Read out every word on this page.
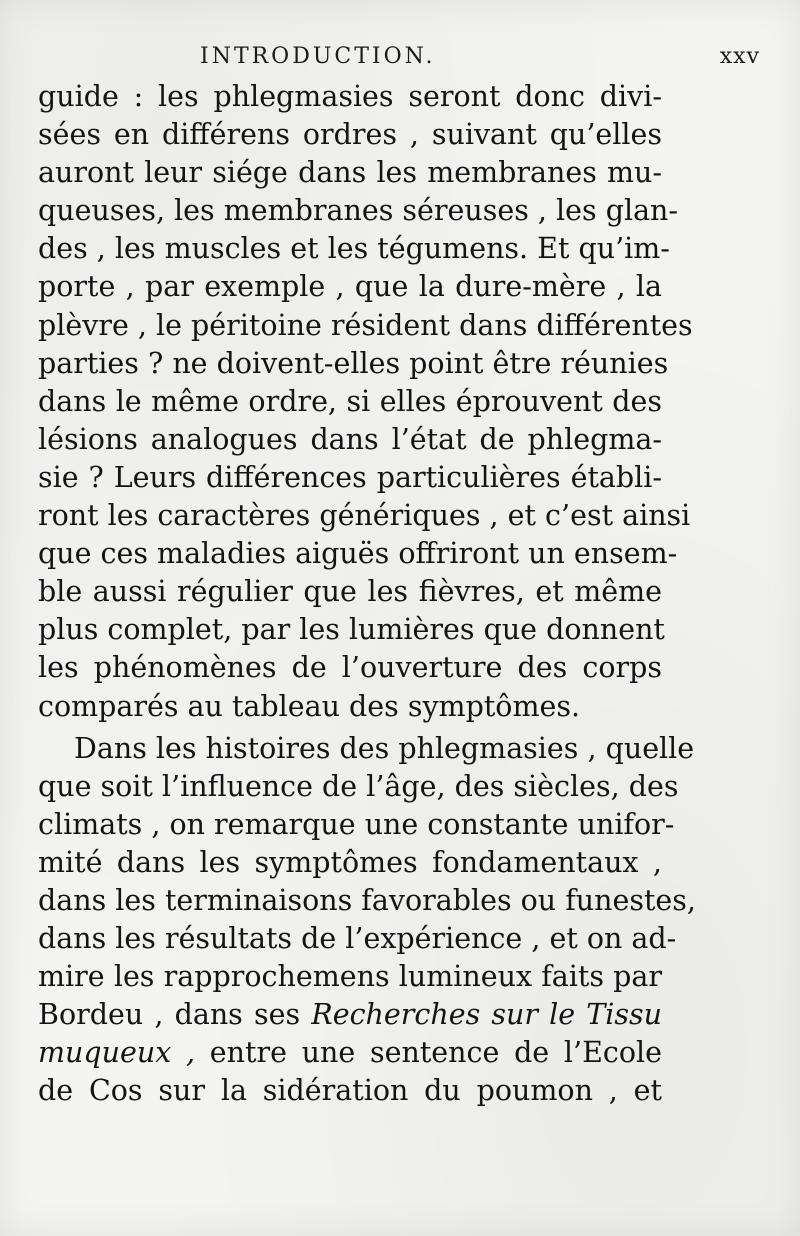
INTRODUCTION.	xxv
guide : les phlegmasies seront donc divi-
sées en différens ordres , suivant qu’elles
auront leur siége dans les membranes mu-
queuses, les membranes séreuses , les glan-
des , les muscles et les tégumens. Et qu’im-
porte , par exemple , que la dure-mère , la
plèvre , le péritoine résident dans différentes
parties ? ne doivent-elles point être réunies
dans le même ordre, si elles éprouvent des
lésions analogues dans l’état de phlegma-
sie ? Leurs différences particulières établi-
ront les caractères génériques , et c’est ainsi
que ces maladies aiguës offriront un ensem-
ble aussi régulier que les fièvres, et même
plus complet, par les lumières que donnent
les phénomènes de l’ouverture des corps
comparés au tableau des symptômes.
Dans les histoires des phlegmasies , quelle
que soit l’influence de l’âge, des siècles, des
climats , on remarque une constante unifor-
mité dans les symptômes fondamentaux ,
dans les terminaisons favorables ou funestes,
dans les résultats de l’expérience , et on ad-
mire les rapprochemens lumineux faits par
Bordeu , dans ses Recherches sur le Tissu
muqueux , entre une sentence de l’Ecole
de Cos sur la sidération du poumon , et
